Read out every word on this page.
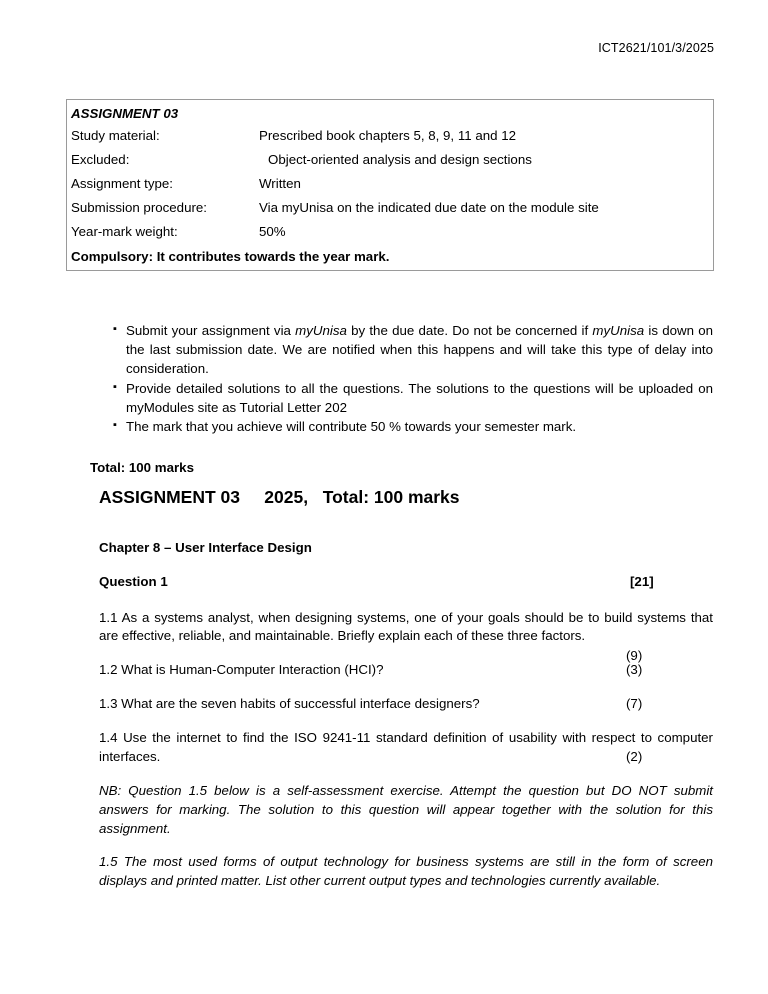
ICT2621/101/3/2025
ASSIGNMENT 03
Study material:	Prescribed book chapters 5, 8, 9, 11 and 12
Excluded:	Object-oriented analysis and design sections
Assignment type:	Written
Submission procedure:	Via myUnisa on the indicated due date on the module site
Year-mark weight:	50%
Compulsory: It contributes towards the year mark.
▪ Submit your assignment via myUnisa by the due date. Do not be concerned if myUnisa is down on the last submission date. We are notified when this happens and will take this type of delay into consideration.
▪ Provide detailed solutions to all the questions. The solutions to the questions will be uploaded on myModules site as Tutorial Letter 202
▪ The mark that you achieve will contribute 50 % towards your semester mark.
Total: 100 marks
ASSIGNMENT 03     2025,   Total: 100 marks
Chapter 8 – User Interface Design
Question 1	[21]
1.1 As a systems analyst, when designing systems, one of your goals should be to build systems that are effective, reliable, and maintainable. Briefly explain each of these three factors.
(9)
1.2 What is Human-Computer Interaction (HCI)?	(3)
1.3 What are the seven habits of successful interface designers?	(7)
1.4 Use the internet to find the ISO 9241-11 standard definition of usability with respect to computer interfaces.	(2)
NB: Question 1.5 below is a self-assessment exercise. Attempt the question but DO NOT submit answers for marking. The solution to this question will appear together with the solution for this assignment.
1.5 The most used forms of output technology for business systems are still in the form of screen displays and printed matter. List other current output types and technologies currently available.
